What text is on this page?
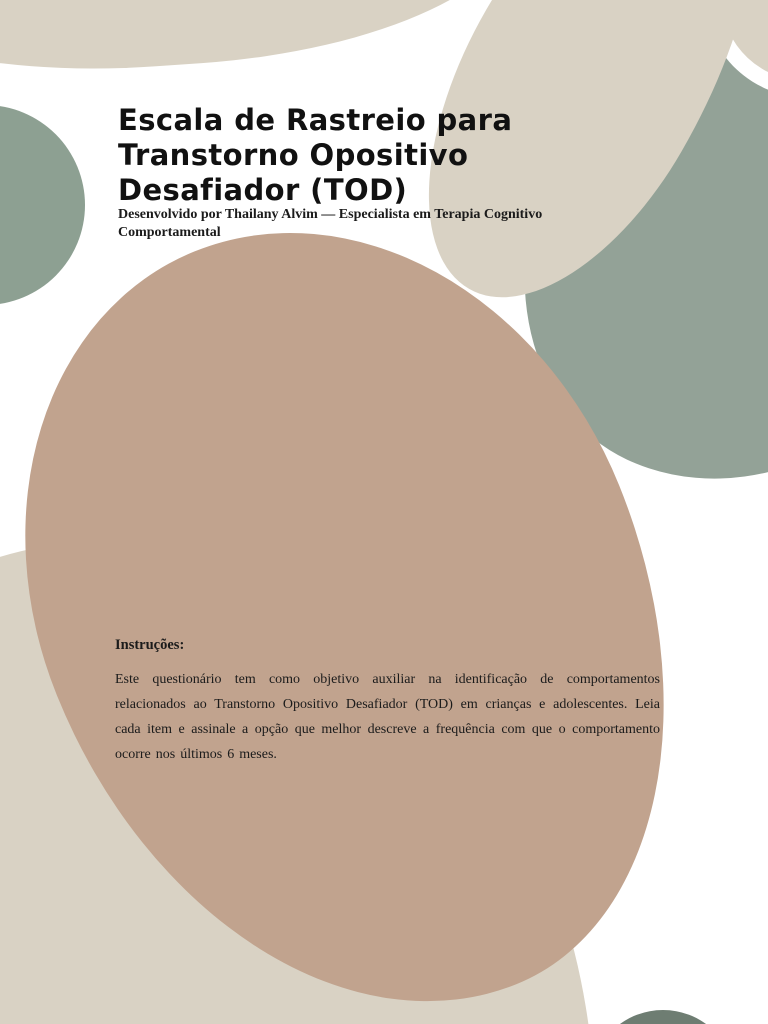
Escala de Rastreio para Transtorno Opositivo Desafiador (TOD)
Desenvolvido por Thailany Alvim — Especialista em Terapia Cognitivo Comportamental

Instruções:

Este questionário tem como objetivo auxiliar na identificação de comportamentos relacionados ao Transtorno Opositivo Desafiador (TOD) em crianças e adolescentes. Leia cada item e assinale a opção que melhor descreve a frequência com que o comportamento ocorre nos últimos 6 meses.
